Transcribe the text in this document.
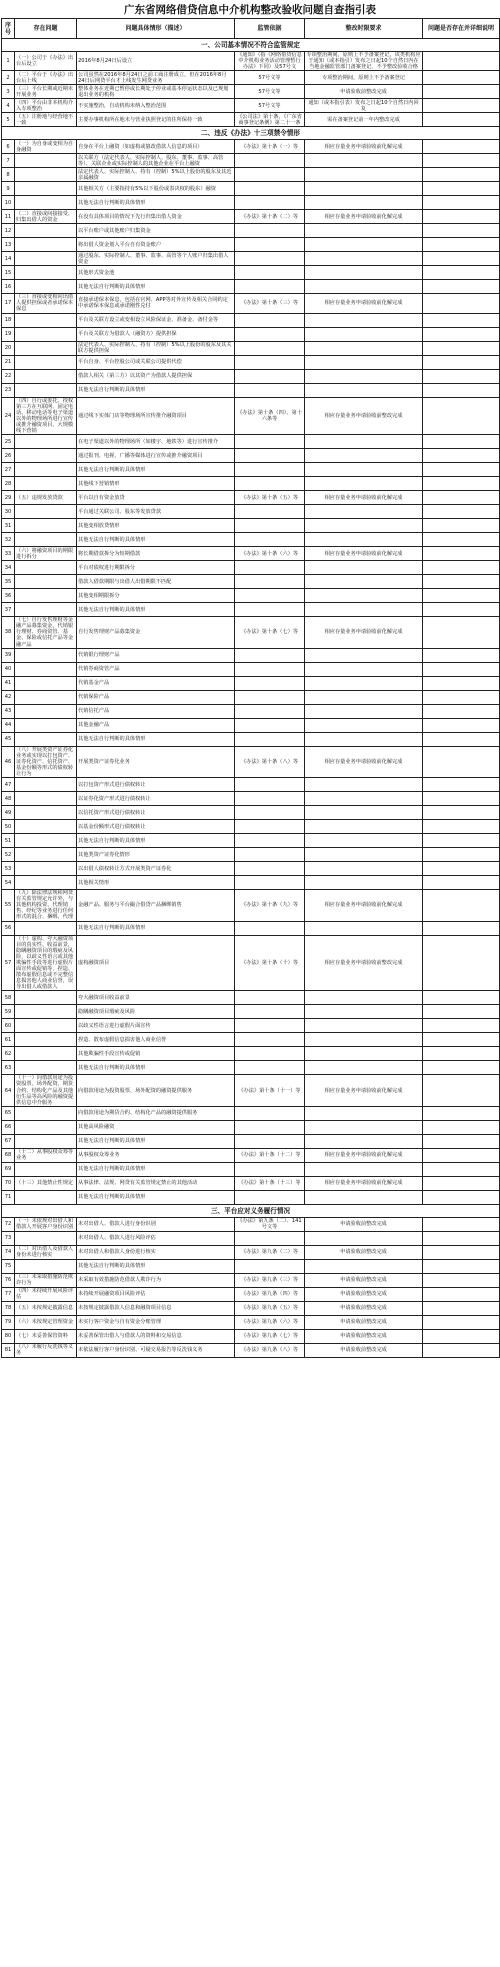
广东省网络借贷信息中介机构整改验收问题自查指引表
序号	存在问题	问题具体情形（描述）	监管依据	整改时限要求	问题是否存在并详细说明
一、公司基本情况不符合监管规定					
1	（一）公司于《办法》出台后设立	2016年8月24日后设立	《通知》（指《网络借贷信息中介机构业务活动管理暂行办法》下同）及57号文	专项整治期间，原则上不予备案登记，该类机构应于通知（或本指引）发布之日起10个自然日内在当地金融监管部门备案登记，不予整改验收合格	
2	（二）平台于《办法》出台后上线	公司虽然在2016年8月24日之前工商注册成立，但在2016年8月24日后网贷平台才上线发生网贷业务	57号文等	专项整治期间，原则上不予备案登记	
3	（三）平台长期或近期未开展业务	整体业务在近期已暂停或长期处于停业或基本停运状态以及已规划退出业务的机构	57号文等	申请验收前整改完成	
4	（四）平台由非本机构介入专项整治	不实施整治，自动机构未纳入整治范围	57号文等	通知（或本指引表）发布之日起10个自然日内回复	
5	（五）注册地与经营地不一致	主要办事机构所在地未与营业执照登记的住所保持一致	《公司法》第十条，《广东省商事登记条例》第二十一条	需在备案登记前一年内整改完成	
二、违反《办法》十三项禁令情形					
6	（一）为自身或变相为自身融资	自身在平台上融资（如虚构或篡改借款人信息的项目）	《办法》第十条（一）等	相应存量业务申请验收前化解完成	
7		以关联方（法定代表人、实际控制人、股东、董事、监事、高管等）、关联企业或实际控制人的其他企业在平台上融资			
8		法定代表人、实际控制人、持有（控制）5%以上股份的股东及其近亲属融资			
9		其他相关方（主要指持有5%以下股份或表决权的股东）融资			
10		其他无法自行判断的具体情形			
11	（二）直接或间接接受、归集出借人的资金	在没有具体项目的情况下先行归集出借人资金	《办法》第十条（二）等	相应存量业务申请验收前化解完成	
12		以平台账户或其他账户归集资金			
13		将出借人资金划入平台自有资金账户			
14		通过股东、实际控制人、董事、监事、高管等个人账户归集出借人资金			
15		其他形式资金池			
16		其他无法自行判断的具体情形			
17	（三）直接或变相向出借人提供担保或者承诺保本保息	直接承诺保本保息，包括在官网、APP等对外宣传及相关合同约定中承诺保本保息或承诺刚性兑付	《办法》第十条（三）等	相应存量业务申请验收前化解完成	
18		平台及关联方设立或变相设立风险保证金、准备金、备付金等			
19		平台及关联方为借款人（融资方）提供担保			
20		法定代表人、实际控制人、持有（控制）5%以上股份的股东及其关联方提供担保			
21		平台自身、平台控股公司或关联公司提供代偿			
22		借款人相关（第三方）以其资产为借款人提供担保			
23		其他无法自行判断的具体情形			
24	（四）自行或委托、授权第三方在互联网、固定电话、移动电话等电子渠道以外的物理场所进行宣传或推介融资项目，大规模线下营销	通过线下实体门店等物理场所宣传推介融资项目	《办法》第十条（四）、第十六条等	相应存量业务申请验收前整改完成	
25		在电子渠道以外的物理场所（如楼宇、地铁等）进行宣传推介			
26		通过报刊、电视、广播等媒体进行宣传或推介融资项目			
27		其他无法自行判断的具体情形			
28		其他线下营销情形			
29	（五）违规发放贷款	平台以自有资金放贷	《办法》第十条（五）等	相应存量业务申请验收前化解完成	
30		平台通过关联公司、股东等发放贷款			
31		其他变相放贷情形			
32		其他无法自行判断的具体情形			
33	（六）将融资项目的期限进行拆分	将长期借款拆分为短期借款	《办法》第十条（六）等	相应存量业务申请验收前化解完成	
34		平台对债权进行期限拆分			
35		借款人借款期限与出借人出借期限不匹配			
36		其他变相期限拆分			
37		其他无法自行判断的具体情形			
38	（七）自行发售理财等金融产品募集资金，代销银行理财、券商资管、基金、保险或信托产品等金融产品	自行发售理财产品募集资金	《办法》第十条（七）等	相应存量业务申请验收前化解完成	
39		代销银行理财产品			
40		代销券商资管产品			
41		代销基金产品			
42		代销保险产品			
43		代销信托产品			
44		其他金融产品			
45		其他无法自行判断的具体情形			
46	（八）开展类资产证券化业务或实现以打包资产、证券化资产、信托资产、基金份额等形式的债权转让行为	开展类资产证券化业务	《办法》第十条（八）等	相应存量业务申请验收前化解完成	
47		以打包资产形式进行债权转让			
48		以证券化资产形式进行债权转让			
49		以信托资产形式进行债权转让			
50		以基金份额形式进行债权转让			
51		其他无法自行判断的具体情形			
52		其他类资产证券化情形			
53		以出借人债权转让方式开展类资产证券化			
54		其他相关情形			
55	（九）除法律法规和网贷有关监管规定允许外，与其他机构投资、代理销售、经纪等业务进行任何形式的混合、捆绑、代理	金融产品、服务与平台撮合借贷产品捆绑销售	《办法》第十条（九）等	相应存量业务申请验收前化解完成	
56		其他无法自行判断的具体情形			
57	（十）虚构、夸大融资项目的真实性、收益前景，隐瞒融资项目的瑕疵及风险，以歧义性语言或其他欺骗性手段等进行虚假片面宣传或促销等，捏造、散布虚假信息或不完整信息损害他人商业信誉，误导出借人或借款人	虚构融资项目	《办法》第十条（十）等	相应存量业务申请验收前整改完成	
58		夸大融资项目收益前景			
59		隐瞒融资项目瑕疵及风险			
60		以歧义性语言进行虚假片面宣传			
61		捏造、散布虚假信息损害他人商业信誉			
62		其他欺骗性手段宣传或促销			
63		其他无法自行判断的具体情形			
64	（十一）向借款用途为投资股票、场外配资、期货合约、结构化产品及其他衍生品等高风险的融资提供信息中介服务	向借款用途为投资股票、场外配资的融资提供服务	《办法》第十条（十一）等	相应存量业务申请验收前化解完成	
65		向借款用途为期货合约、结构化产品的融资提供服务			
66		其他高风险融资			
67		其他无法自行判断的具体情形			
68	（十二）从事股权众筹等业务	从事股权众筹业务	《办法》第十条（十二）等	相应存量业务申请验收前化解完成	
69		其他无法自行判断的具体情形			
70	（十三）其他禁止性规定	从事法律、法规、网贷有关监管规定禁止的其他活动	《办法》第十条（十三）等	相应存量业务申请验收前化解完成	
71		其他无法自行判断的具体情形			
三、平台应对义务履行情况					
72	（一）未依规对出借人和借款人开展客户身份识别	未对出借人、借款人进行身份识别	《办法》第九条（二）、141号文等	申请验收前整改完成	
73		未对出借人、借款人进行风险评估			
74	（二）对出借人及借款人身份未进行核实	未对出借人和借款人身份进行核实	《办法》第九条（二）等	申请验收前整改完成	
75		其他无法自行判断的具体情形			
76	（三）未采取措施防范欺诈行为	未采取有效措施防范借款人欺诈行为	《办法》第九条（三）等	申请验收前整改完成	
77	（四）未持续开展风险评估	未持续开展融资项目风险评估	《办法》第九条（四）等	申请验收前整改完成	
78	（五）未按规定披露信息	未按规定披露借款人信息和融资项目信息	《办法》第九条（五）等	申请验收前整改完成	
79	（六）未按规定管理资金	未实行客户资金与自有资金分账管理	《办法》第九条（六）等	申请验收前整改完成	
80	（七）未妥善保管资料	未妥善保管出借人与借款人的资料和交易信息	《办法》第九条（七）等	申请验收前整改完成	
81	（八）未履行反洗钱等义务	未依法履行客户身份识别、可疑交易报告等反洗钱义务	《办法》第九条（八）等	申请验收前整改完成	
